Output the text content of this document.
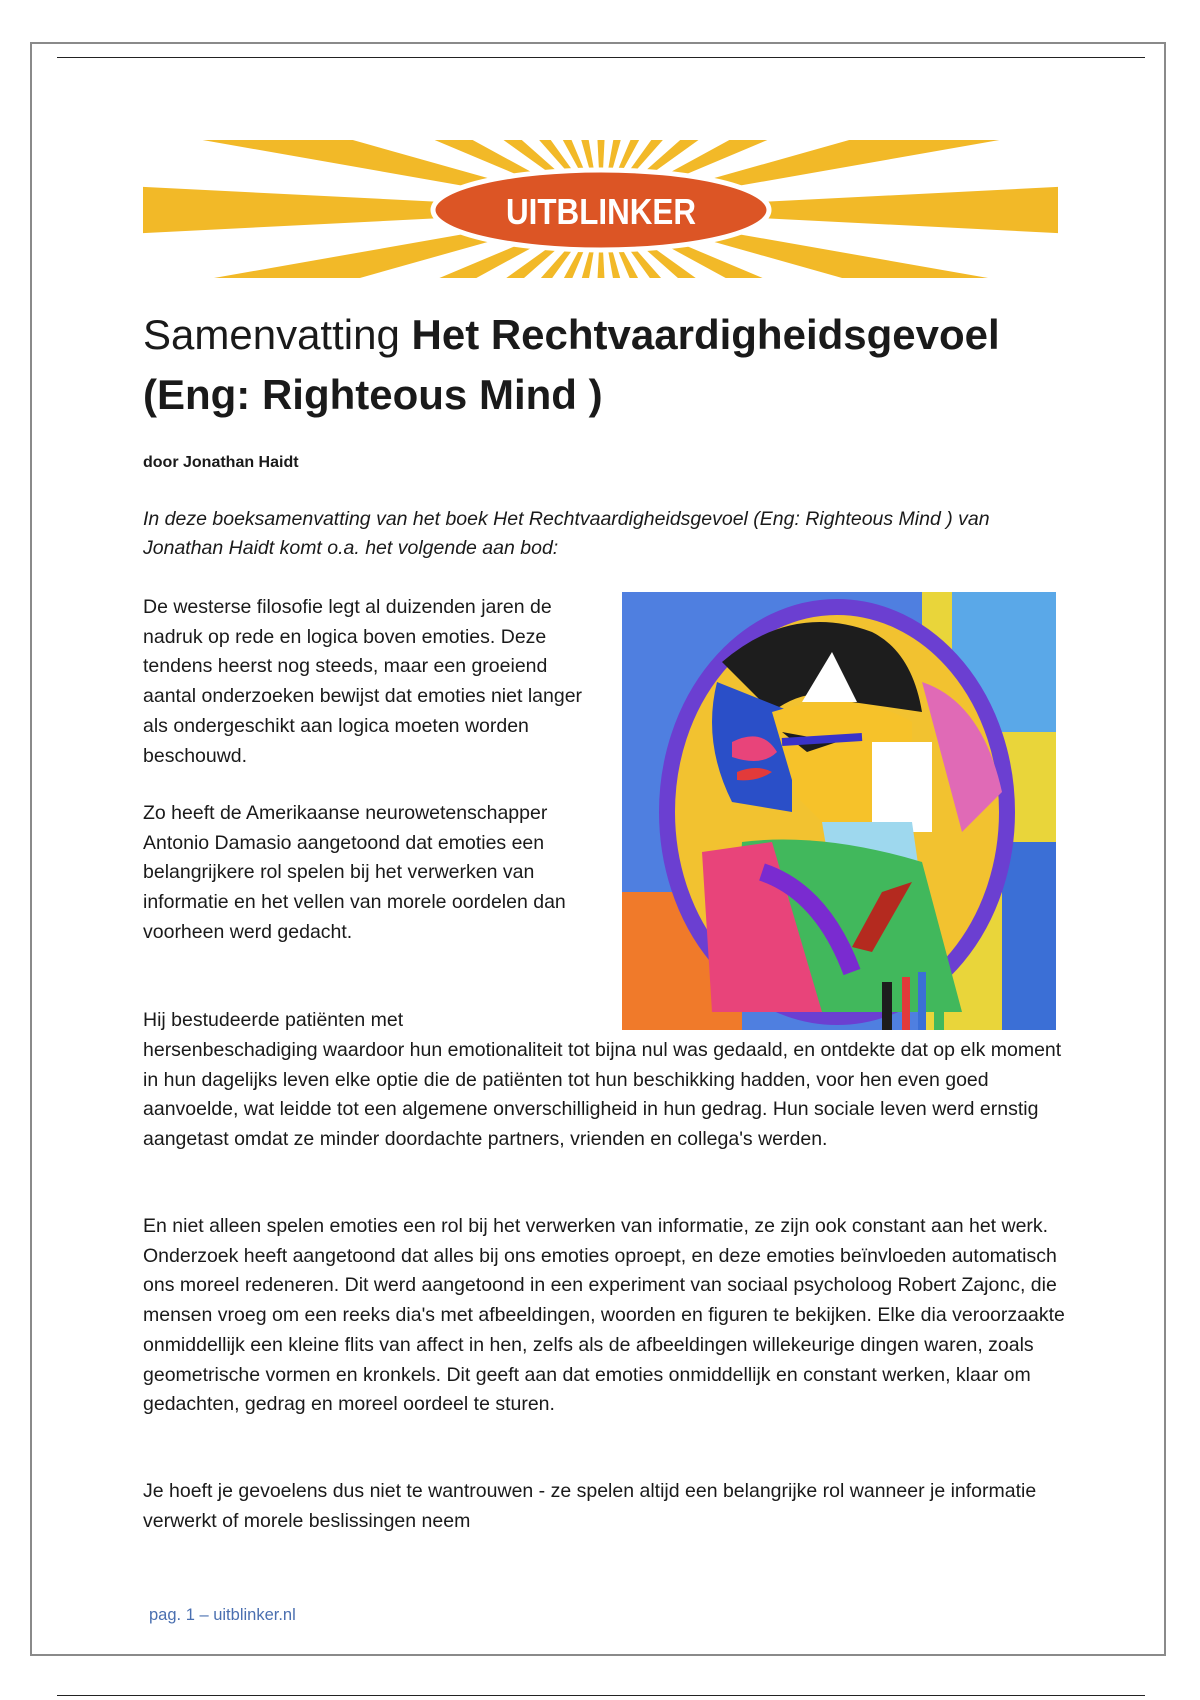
UITBLINKER
Samenvatting Het Rechtvaardigheidsgevoel (Eng: Righteous Mind )
door Jonathan Haidt
In deze boeksamenvatting van het boek Het Rechtvaardigheidsgevoel (Eng: Righteous Mind ) van Jonathan Haidt komt o.a. het volgende aan bod:

De westerse filosofie legt al duizenden jaren de nadruk op rede en logica boven emoties. Deze tendens heerst nog steeds, maar een groeiend aantal onderzoeken bewijst dat emoties niet langer als ondergeschikt aan logica moeten worden beschouwd.

Zo heeft de Amerikaanse neurowetenschapper Antonio Damasio aangetoond dat emoties een belangrijkere rol spelen bij het verwerken van informatie en het vellen van morele oordelen dan voorheen werd gedacht.

Hij bestudeerde patiënten met

hersenbeschadiging waardoor hun emotionaliteit tot bijna nul was gedaald, en ontdekte dat op elk moment in hun dagelijks leven elke optie die de patiënten tot hun beschikking hadden, voor hen even goed aanvoelde, wat leidde tot een algemene onverschilligheid in hun gedrag. Hun sociale leven werd ernstig aangetast omdat ze minder doordachte partners, vrienden en collega's werden.

En niet alleen spelen emoties een rol bij het verwerken van informatie, ze zijn ook constant aan het werk. Onderzoek heeft aangetoond dat alles bij ons emoties oproept, en deze emoties beïnvloeden automatisch ons moreel redeneren. Dit werd aangetoond in een experiment van sociaal psycholoog Robert Zajonc, die mensen vroeg om een reeks dia's met afbeeldingen, woorden en figuren te bekijken. Elke dia veroorzaakte onmiddellijk een kleine flits van affect in hen, zelfs als de afbeeldingen willekeurige dingen waren, zoals geometrische vormen en kronkels. Dit geeft aan dat emoties onmiddellijk en constant werken, klaar om gedachten, gedrag en moreel oordeel te sturen.

Je hoeft je gevoelens dus niet te wantrouwen - ze spelen altijd een belangrijke rol wanneer je informatie verwerkt of morele beslissingen neem

pag. 1 – uitblinker.nl
